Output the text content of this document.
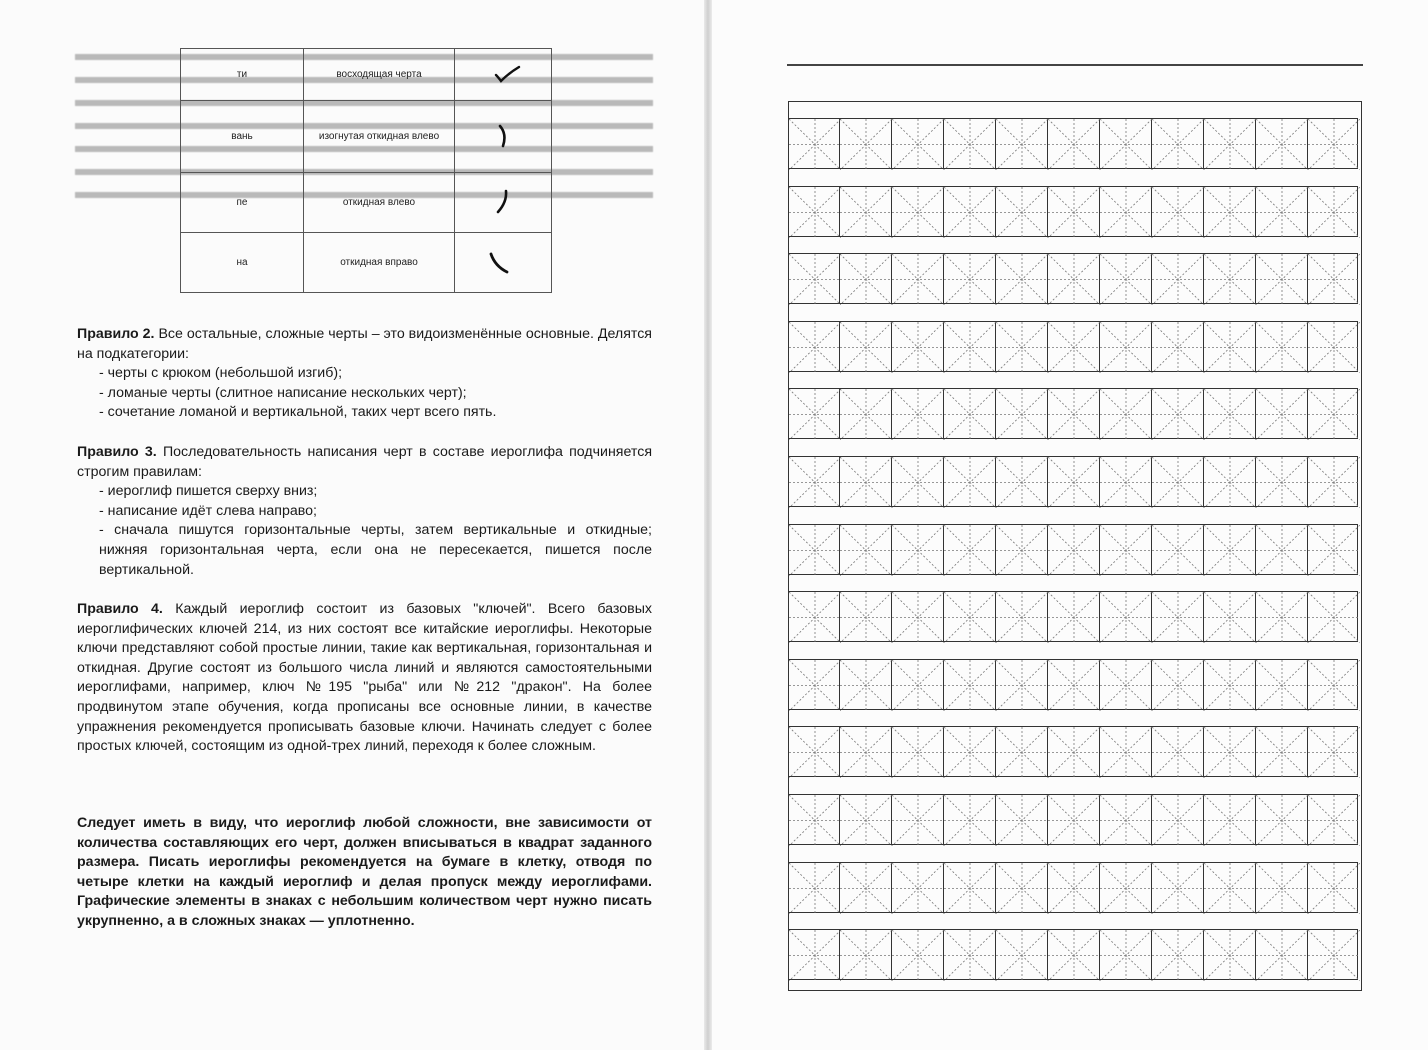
ти	восходящая черта	

вань	изогнутая откидная влево	

пе	откидная влево	

на	откидная вправо	

Правило 2. Все остальные, сложные черты – это видоизменённые основные. Делятся на подкатегории:

- черты с крюком (небольшой изгиб);

- ломаные черты (слитное написание нескольких черт);

- сочетание ломаной и вертикальной, таких черт всего пять.

Правило 3. Последовательность написания черт в составе иероглифа подчиняется строгим правилам:

- иероглиф пишется сверху вниз;

- написание идёт слева направо;

- сначала пишутся горизонтальные черты, затем вертикальные и откидные; нижняя горизонтальная черта, если она не пересекается, пишется после вертикальной.

Правило 4. Каждый иероглиф состоит из базовых "ключей". Всего базовых иероглифических ключей 214, из них состоят все китайские иероглифы. Некоторые ключи представляют собой простые линии, такие как вертикальная, горизонтальная и откидная. Другие состоят из большого числа линий и являются самостоятельными иероглифами, например, ключ №195 "рыба" или №212 "дракон". На более продвинутом этапе обучения, когда прописаны все основные линии, в качестве упражнения рекомендуется прописывать базовые ключи. Начинать следует с более простых ключей, состоящим из одной-трех линий, переходя к более сложным.

Следует иметь в виду, что иероглиф любой сложности, вне зависимости от количества составляющих его черт, должен вписываться в квадрат заданного размера. Писать иероглифы рекомендуется на бумаге в клетку, отводя по четыре клетки на каждый иероглиф и делая пропуск между иероглифами. Графические элементы в знаках с небольшим количеством черт нужно писать укрупненно, а в сложных знаках — уплотненно.
